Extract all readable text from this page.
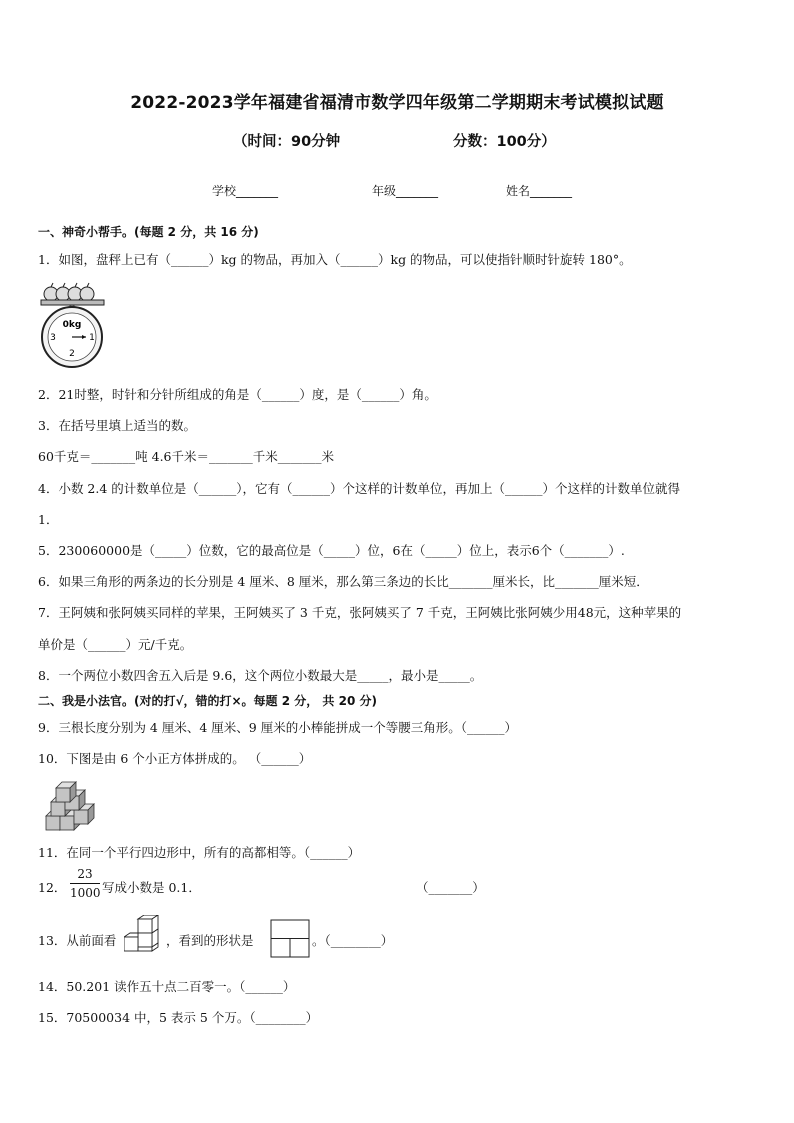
2022-2023学年福建省福清市数学四年级第二学期期末考试模拟试题
（时间：90分钟	分数：100分）
学校_______	年级_______	姓名_______
一、神奇小帮手。(每题 2 分，共 16 分)
1．如图，盘秤上已有（______）kg 的物品，再加入（______）kg 的物品，可以使指针顺时针旋转 180°。
0kg
3	1
2
2．21时整，时针和分针所组成的角是（______）度，是（______）角。
3．在括号里填上适当的数。
60千克＝_______吨 4.6千米＝_______千米_______米
4．小数 2.4 的计数单位是（______），它有（______）个这样的计数单位，再加上（______）个这样的计数单位就得
1．
5．230060000是（_____）位数，它的最高位是（_____）位，6在（_____）位上，表示6个（_______）.
6．如果三角形的两条边的长分别是 4 厘米、8 厘米，那么第三条边的长比_______厘米长，比_______厘米短．
7．王阿姨和张阿姨买同样的苹果，王阿姨买了 3 千克，张阿姨买了 7 千克，王阿姨比张阿姨少用48元，这种苹果的
单价是（______）元/千克。
8．一个两位小数四舍五入后是 9.6，这个两位小数最大是_____，最小是_____。
二、我是小法官。(对的打√，错的打×。每题 2 分， 共 20 分)
9．三根长度分别为 4 厘米、4 厘米、9 厘米的小棒能拼成一个等腰三角形。（______）
10．下图是由 6 个小正方体拼成的。 （______）
11．在同一个平行四边形中，所有的高都相等。（______）
12． $\frac{23}{1000}$ 写成小数是 0.1．	（_______）
13．从前面看	，看到的形状是	。（________）
14．50.201 读作五十点二百零一。（______）
15．70500034 中，5 表示 5 个万。（________）
